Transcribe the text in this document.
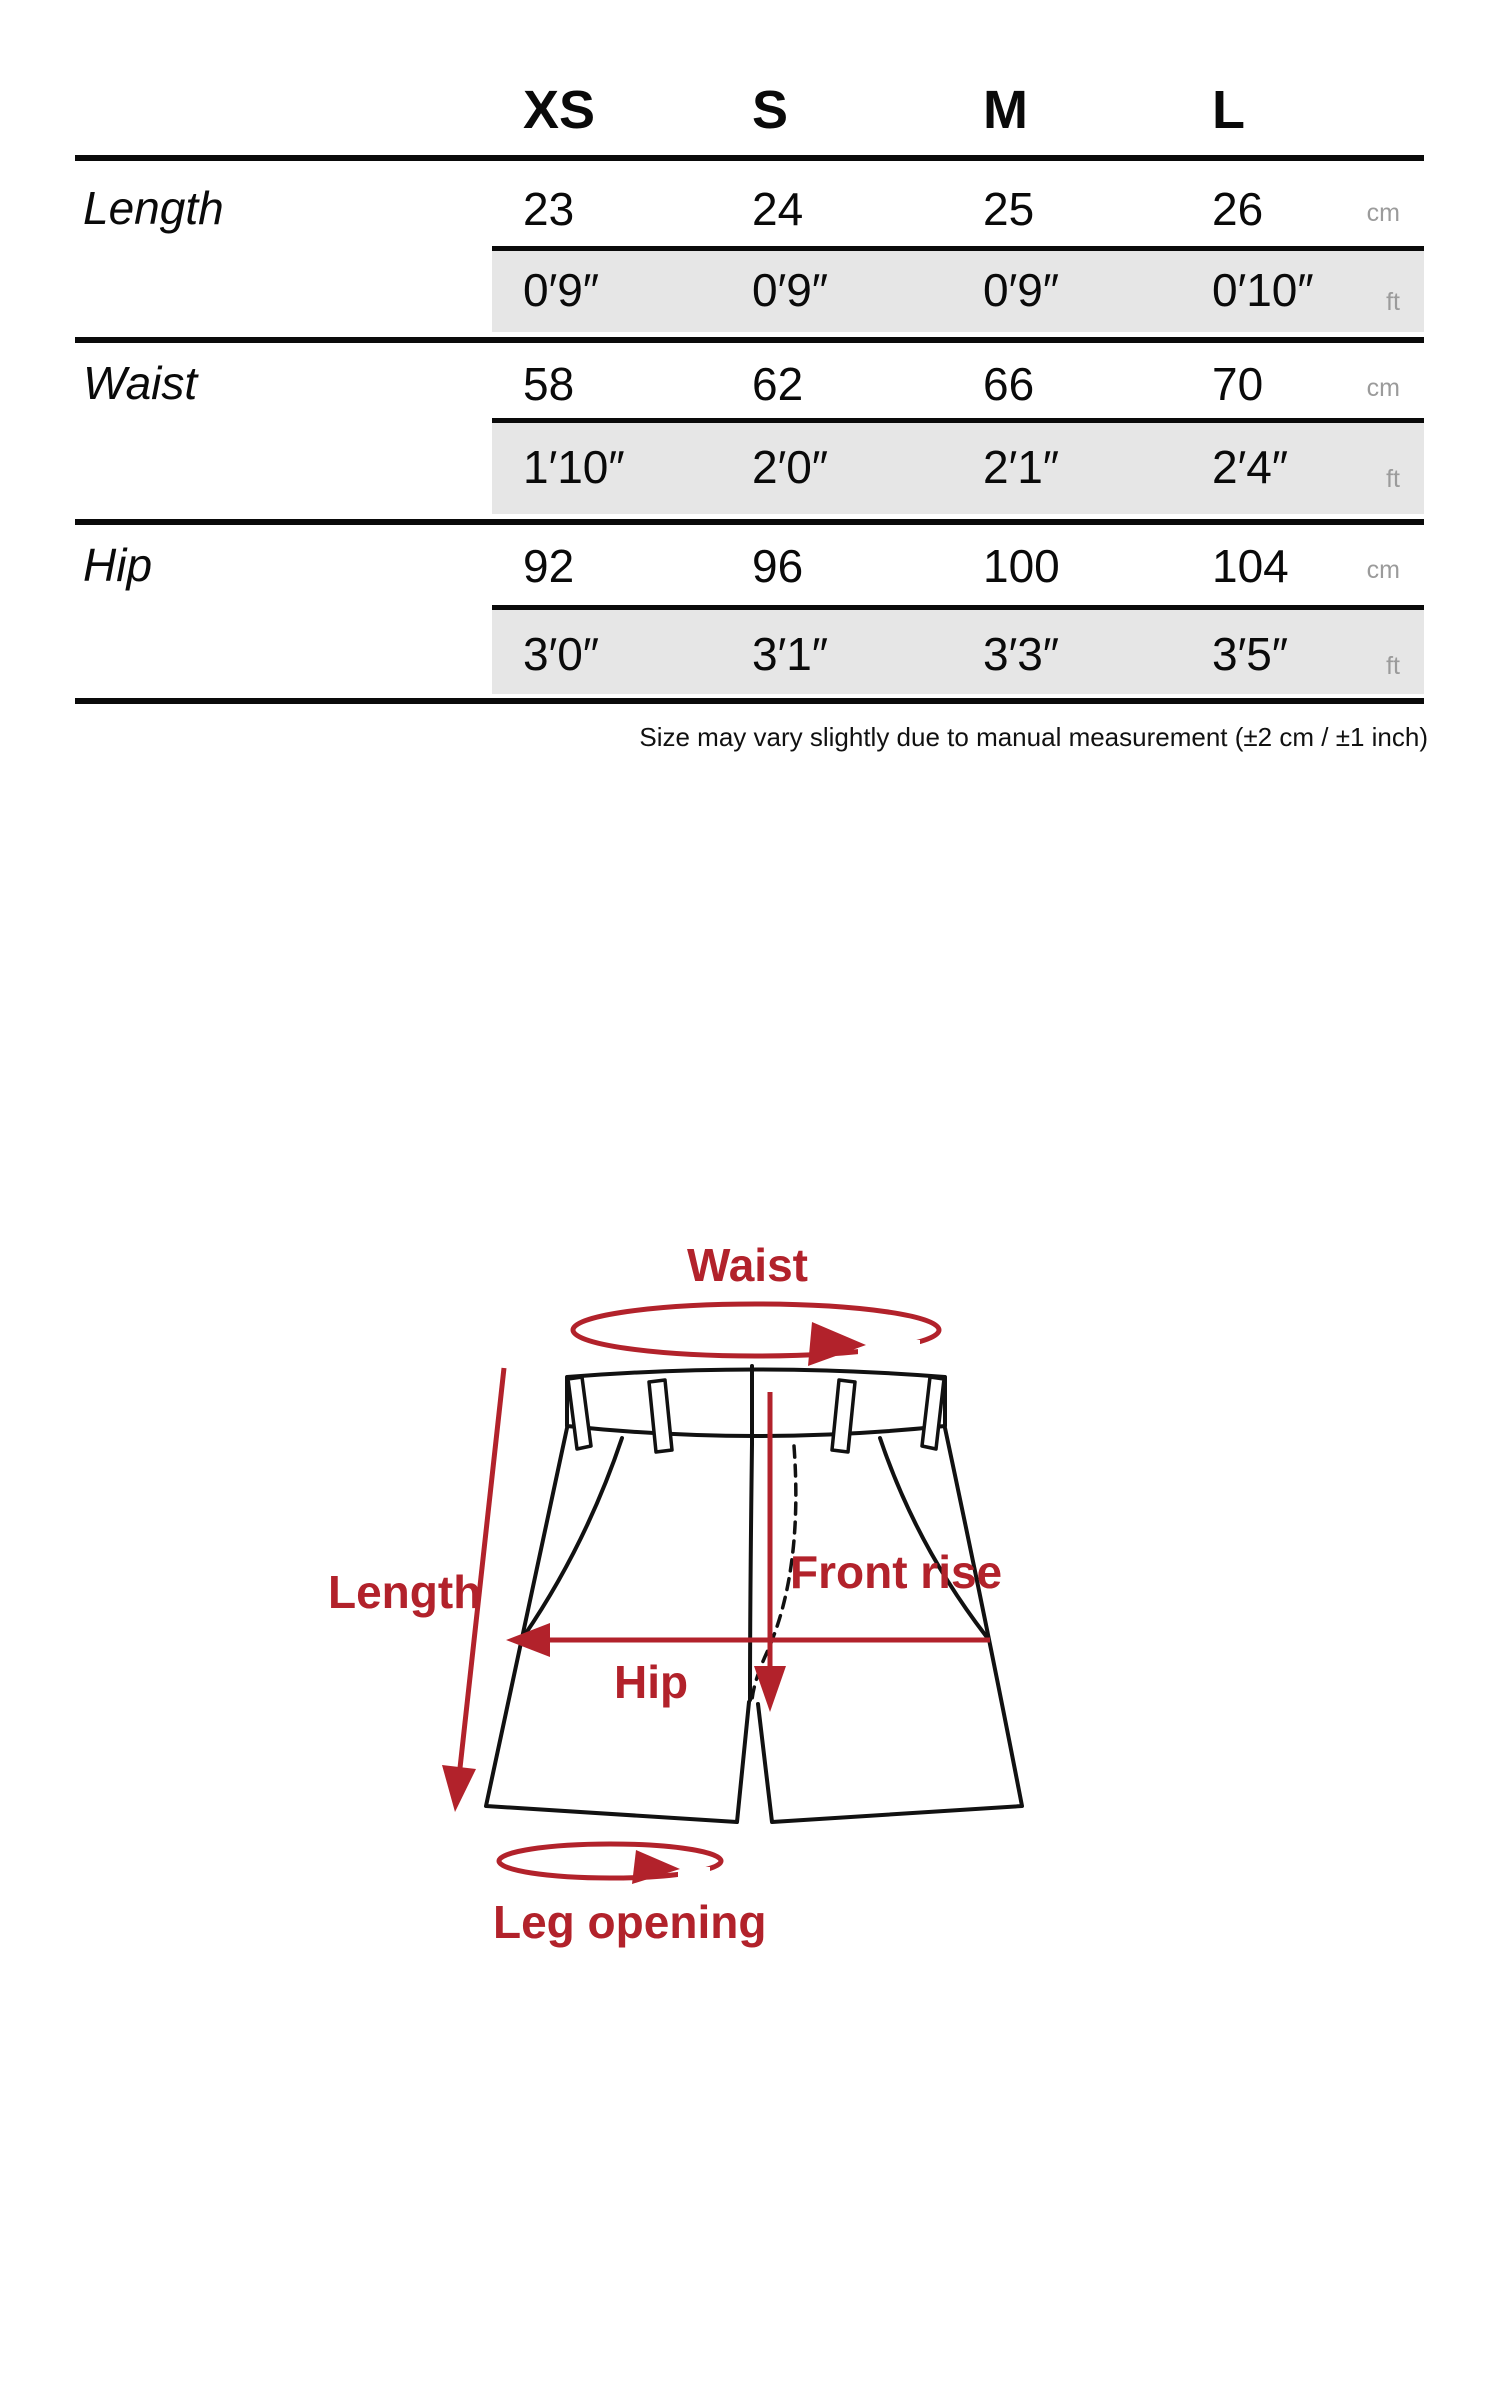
XS	S	M	L
Length	23	24	25	26	cm
0′9″	0′9″	0′9″	0′10″	ft
Waist	58	62	66	70	cm
1′10″	2′0″	2′1″	2′4″	ft
Hip	92	96	100	104	cm
3′0″	3′1″	3′3″	3′5″	ft
Size may vary slightly due to manual measurement (±2 cm / ±1 inch)
Waist
Length	Front rise
Hip
Leg opening
